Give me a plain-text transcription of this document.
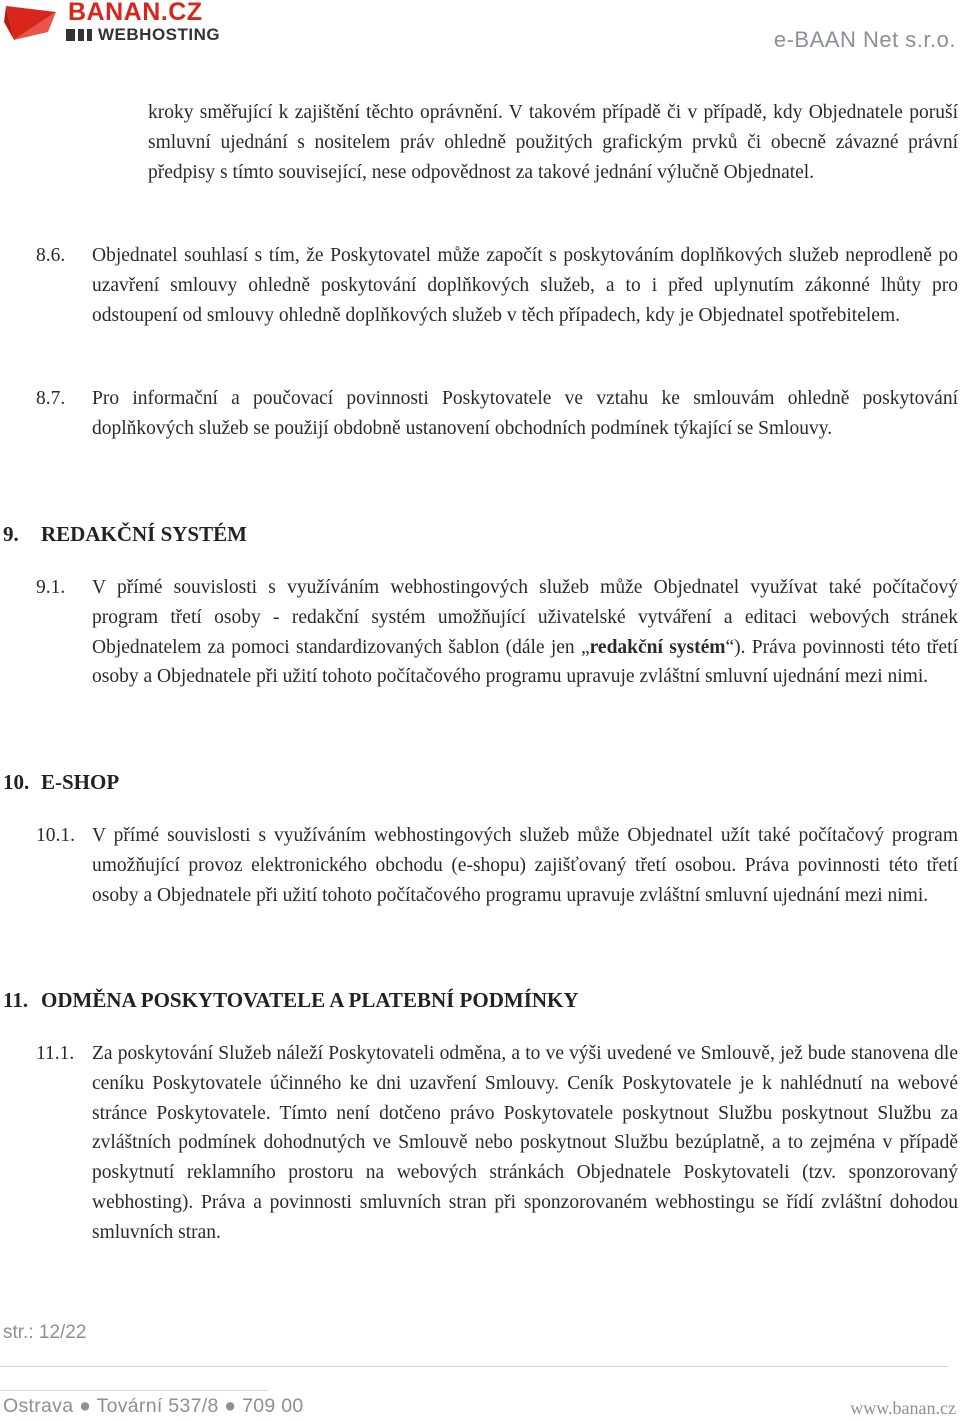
BANAN.CZ
WEBHOSTING	e-BAAN Net s.r.o.
kroky směřující k zajištění těchto oprávnění. V takovém případě či v případě, kdy Objednatele poruší smluvní ujednání s nositelem práv ohledně použitých grafickým prvků či obecně závazné právní předpisy s tímto související, nese odpovědnost za takové jednání výlučně Objednatel.
8.6. Objednatel souhlasí s tím, že Poskytovatel může započít s poskytováním doplňkových služeb neprodleně po uzavření smlouvy ohledně poskytování doplňkových služeb, a to i před uplynutím zákonné lhůty pro odstoupení od smlouvy ohledně doplňkových služeb v těch případech, kdy je Objednatel spotřebitelem.
8.7. Pro informační a poučovací povinnosti Poskytovatele ve vztahu ke smlouvám ohledně poskytování doplňkových služeb se použijí obdobně ustanovení obchodních podmínek týkající se Smlouvy.
9. REDAKČNÍ SYSTÉM
9.1. V přímé souvislosti s využíváním webhostingových služeb může Objednatel využívat také počítačový program třetí osoby - redakční systém umožňující uživatelské vytváření a editaci webových stránek Objednatelem za pomoci standardizovaných šablon (dále jen „redakční systém“). Práva povinnosti této třetí osoby a Objednatele při užití tohoto počítačového programu upravuje zvláštní smluvní ujednání mezi nimi.
10. E-SHOP
10.1. V přímé souvislosti s využíváním webhostingových služeb může Objednatel užít také počítačový program umožňující provoz elektronického obchodu (e-shopu) zajišťovaný třetí osobou. Práva povinnosti této třetí osoby a Objednatele při užití tohoto počítačového programu upravuje zvláštní smluvní ujednání mezi nimi.
11. ODMĚNA POSKYTOVATELE A PLATEBNÍ PODMÍNKY
11.1. Za poskytování Služeb náleží Poskytovateli odměna, a to ve výši uvedené ve Smlouvě, jež bude stanovena dle ceníku Poskytovatele účinného ke dni uzavření Smlouvy. Ceník Poskytovatele je k nahlédnutí na webové stránce Poskytovatele. Tímto není dotčeno právo Poskytovatele poskytnout Službu poskytnout Službu za zvláštních podmínek dohodnutých ve Smlouvě nebo poskytnout Službu bezúplatně, a to zejména v případě poskytnutí reklamního prostoru na webových stránkách Objednatele Poskytovateli (tzv. sponzorovaný webhosting). Práva a povinnosti smluvních stran při sponzorovaném webhostingu se řídí zvláštní dohodou smluvních stran.
str.: 12/22
Ostrava ● Tovární 537/8 ● 709 00	www.banan.cz
